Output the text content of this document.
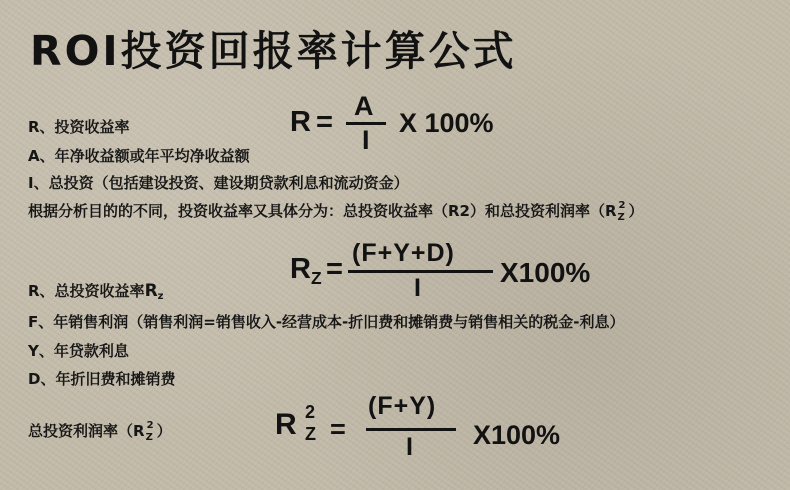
ROI投资回报率计算公式
R、投资收益率
A、年净收益额或年平均净收益额
I、总投资（包括建设投资、建设期贷款利息和流动资金）
根据分析目的的不同，投资收益率又具体分为：总投资收益率（R2）和总投资利润率（R 2
Z ）
R = A
I
X 100%
R、总投资收益率Rz
F、年销售利润（销售利润=销售收入-经营成本-折旧费和摊销费与销售相关的税金-利息）
Y、年贷款利息
D、年折旧费和摊销费
$R_Z = (F+Y+D)$
I	X100%
总投资利润率（R 2
Z ）	R 2
Z =
(F+Y)
I X100%
